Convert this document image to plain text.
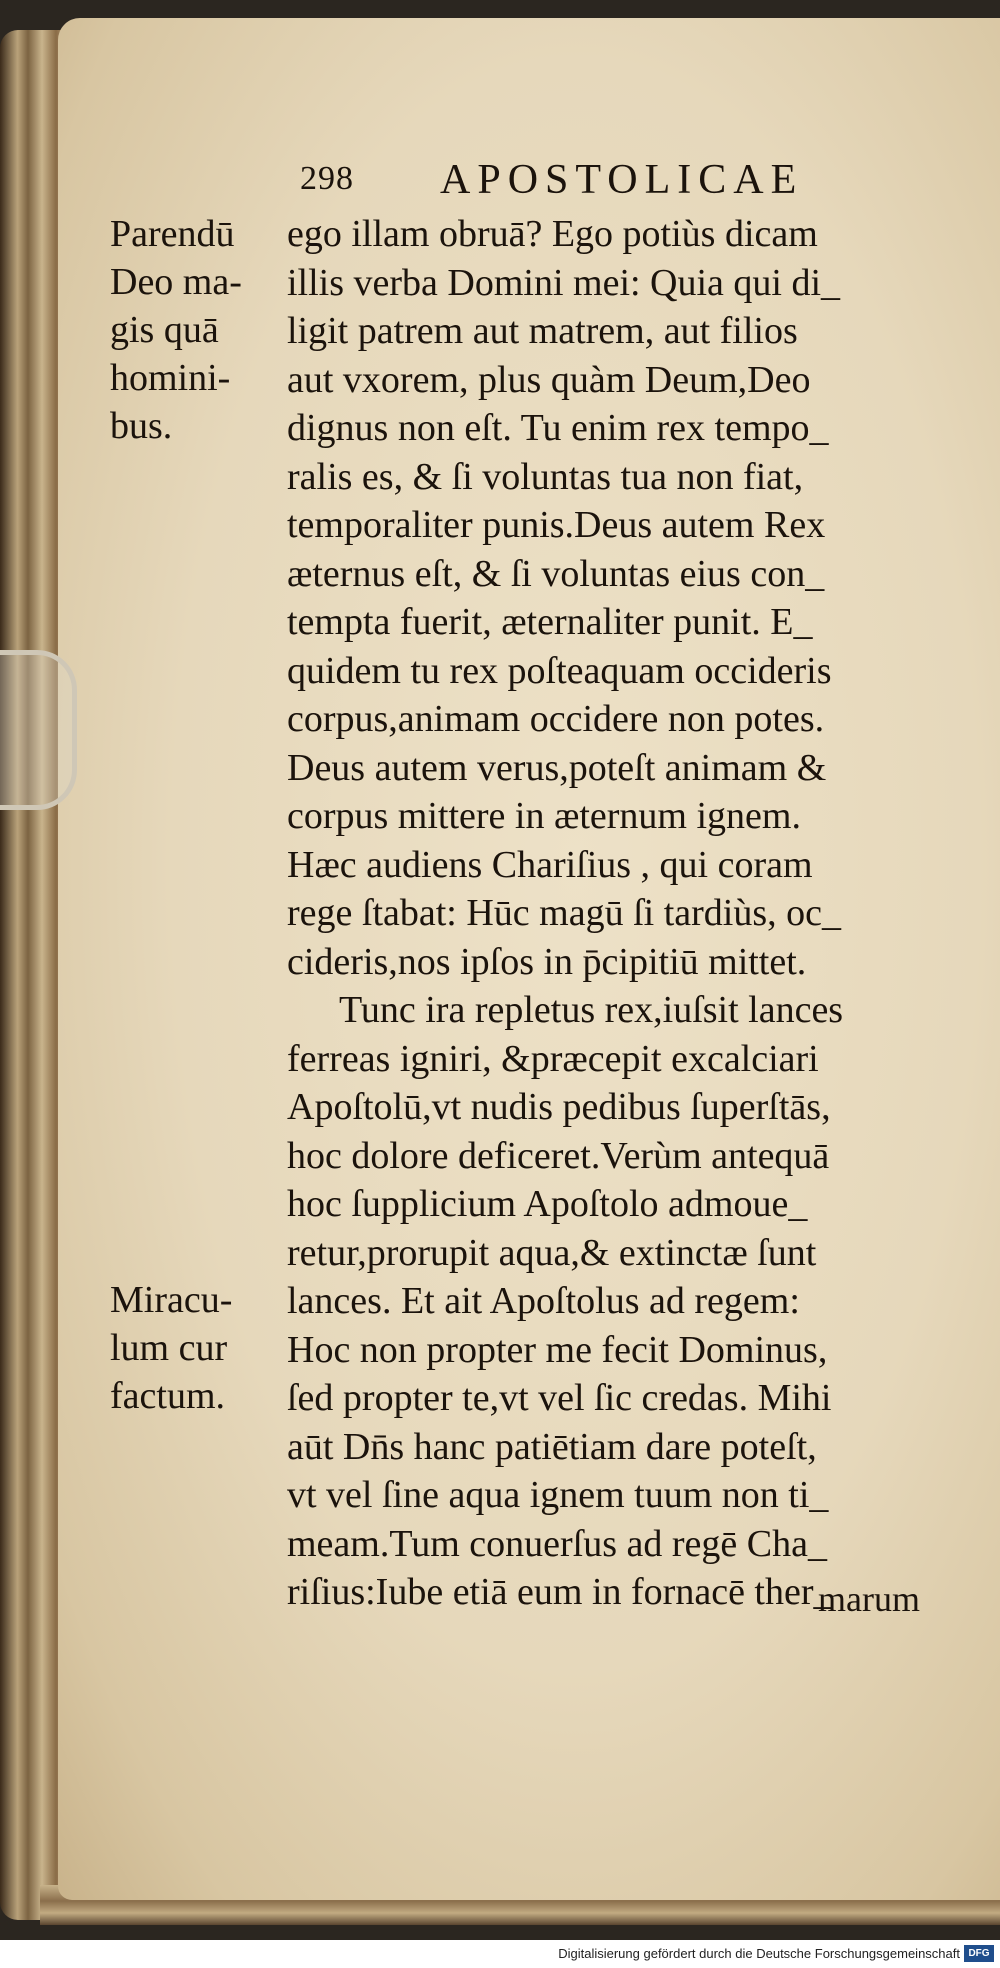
298 APOSTOLICAE
Parendū
Deo ma-
gis quā
homini-
bus.
Miracu-
lum cur
factum.
ego illam obruā? Ego potiùs dicam
illis verba Domini mei: Quia qui di_
ligit patrem aut matrem, aut filios
aut vxorem, plus quàm Deum,Deo
dignus non eſt. Tu enim rex tempo_
ralis es, & ſi voluntas tua non fiat,
temporaliter punis.Deus autem Rex
æternus eſt, & ſi voluntas eius con_
tempta fuerit, æternaliter punit. E_
quidem tu rex poſteaquam occideris
corpus,animam occidere non potes.
Deus autem verus,poteſt animam &
corpus mittere in æternum ignem.
Hæc audiens Chariſius , qui coram
rege ſtabat: Hūc magū ſi tardiùs, oc_
cideris,nos ipſos in p̄cipitiū mittet.
Tunc ira repletus rex,iuſsit lances
ferreas igniri, &præcepit excalciari
Apoſtolū,vt nudis pedibus ſuperſtās,
hoc dolore deficeret.Verùm antequā
hoc ſupplicium Apoſtolo admoue_
retur,prorupit aqua,& extinctæ ſunt
lances. Et ait Apoſtolus ad regem:
Hoc non propter me fecit Dominus,
ſed propter te,vt vel ſic credas. Mihi
aūt Dn̄s hanc patiētiam dare poteſt,
vt vel ſine aqua ignem tuum non ti_
meam.Tum conuerſus ad regē Cha_
riſius:Iube etiā eum in fornacē ther_
marum
Digitalisierung gefördert durch die Deutsche Forschungsgemeinschaft DFG
